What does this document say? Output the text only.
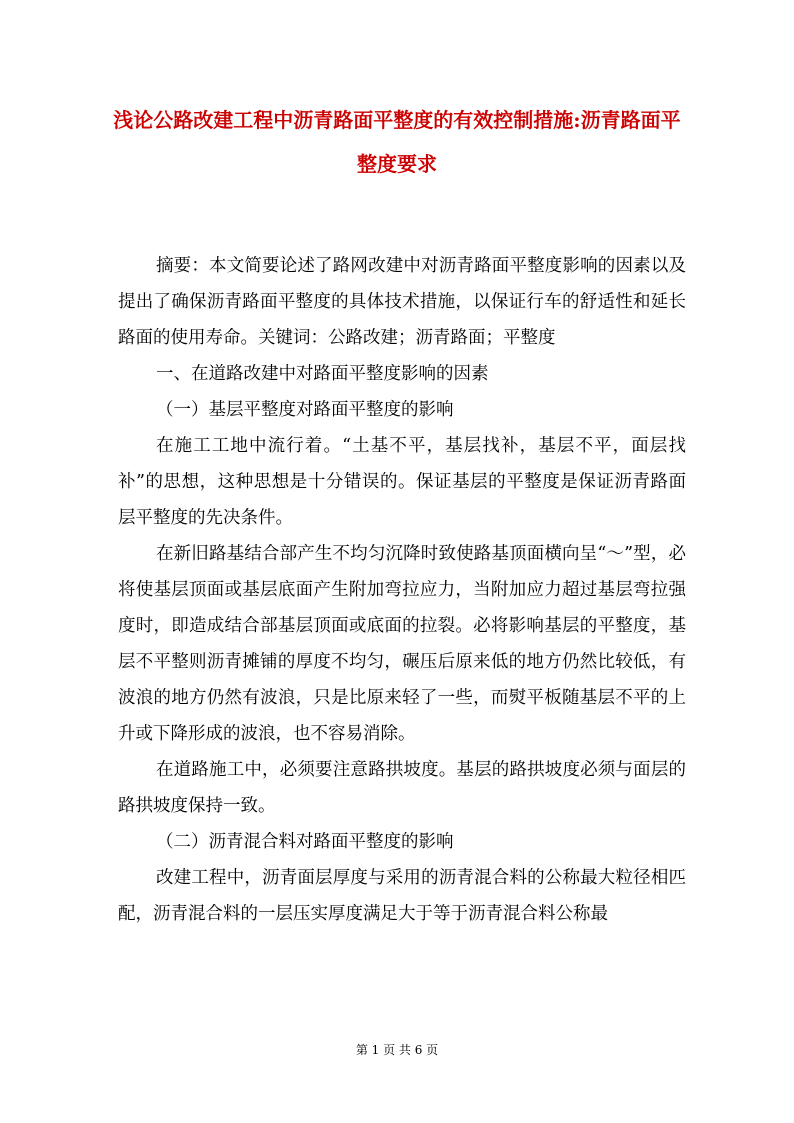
浅论公路改建工程中沥青路面平整度的有效控制措施:沥青路面平整度要求

摘要：本文简要论述了路网改建中对沥青路面平整度影响的因素以及提出了确保沥青路面平整度的具体技术措施，以保证行车的舒适性和延长路面的使用寿命。关键词：公路改建；沥青路面；平整度

一、在道路改建中对路面平整度影响的因素

（一）基层平整度对路面平整度的影响

在施工工地中流行着。“土基不平，基层找补，基层不平，面层找补”的思想，这种思想是十分错误的。保证基层的平整度是保证沥青路面层平整度的先决条件。

在新旧路基结合部产生不均匀沉降时致使路基顶面横向呈“～”型，必将使基层顶面或基层底面产生附加弯拉应力，当附加应力超过基层弯拉强度时，即造成结合部基层顶面或底面的拉裂。必将影响基层的平整度，基层不平整则沥青摊铺的厚度不均匀，碾压后原来低的地方仍然比较低，有波浪的地方仍然有波浪，只是比原来轻了一些，而熨平板随基层不平的上升或下降形成的波浪，也不容易消除。

在道路施工中，必须要注意路拱坡度。基层的路拱坡度必须与面层的路拱坡度保持一致。

（二）沥青混合料对路面平整度的影响

改建工程中，沥青面层厚度与采用的沥青混合料的公称最大粒径相匹配，沥青混合料的一层压实厚度满足大于等于沥青混合料公称最

第 1 页 共 6 页
